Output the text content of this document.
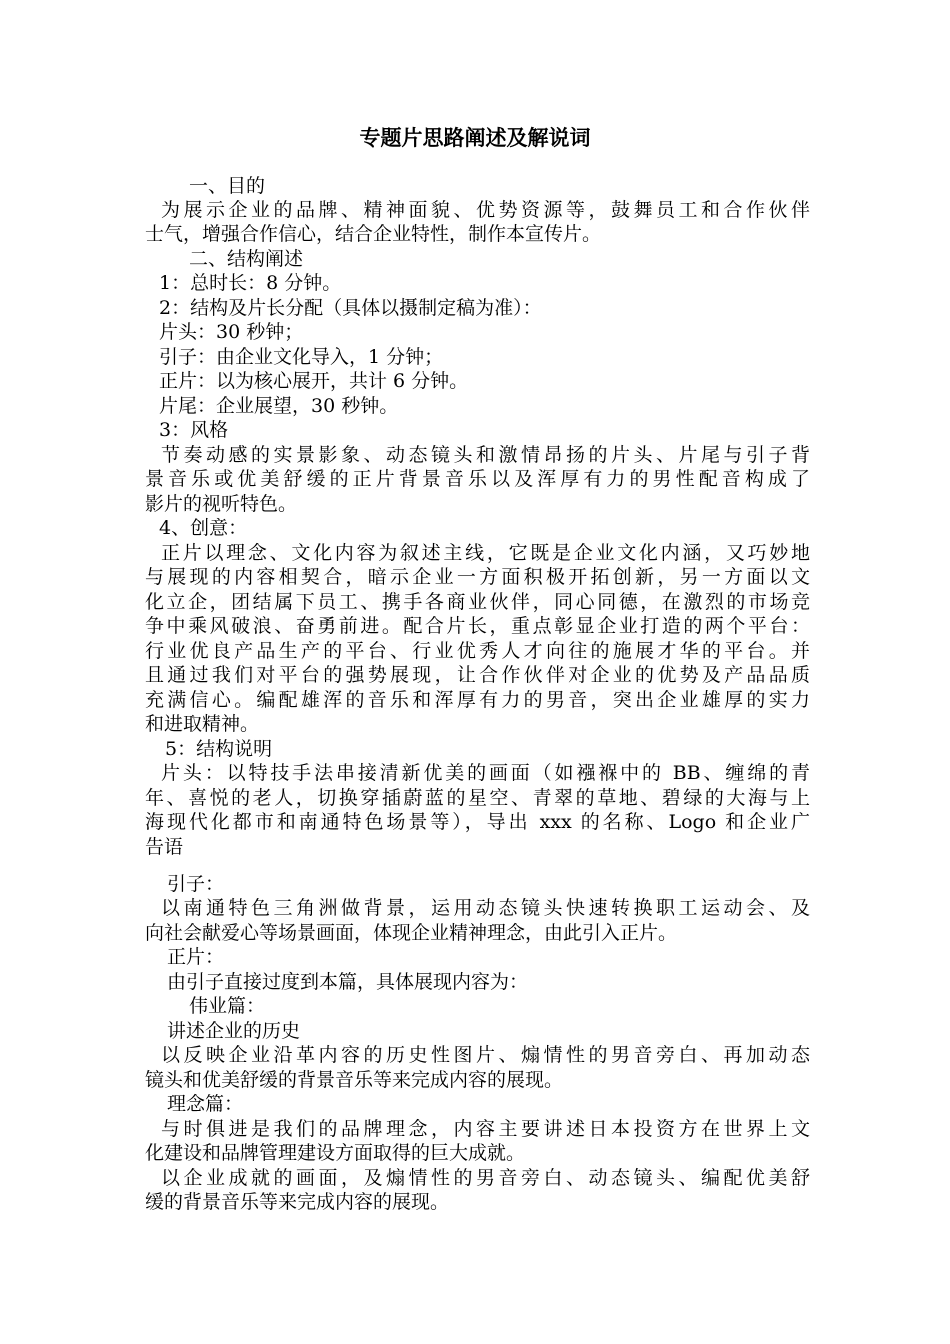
专题片思路阐述及解说词
一、目的
为展示企业的品牌、精神面貌、优势资源等，鼓舞员工和合作伙伴
士气，增强合作信心，结合企业特性，制作本宣传片。
二、结构阐述
1：总时长：8 分钟。
2：结构及片长分配（具体以摄制定稿为准）：
片头：30 秒钟；
引子：由企业文化导入，1 分钟；
正片：以为核心展开，共计 6 分钟。
片尾：企业展望，30 秒钟。
3：风格
节奏动感的实景影象、动态镜头和激情昂扬的片头、片尾与引子背
景音乐或优美舒缓的正片背景音乐以及浑厚有力的男性配音构成了
影片的视听特色。
4、创意：
正片以理念、文化内容为叙述主线，它既是企业文化内涵，又巧妙地
与展现的内容相契合，暗示企业一方面积极开拓创新，另一方面以文
化立企，团结属下员工、携手各商业伙伴，同心同德，在激烈的市场竞
争中乘风破浪、奋勇前进。配合片长，重点彰显企业打造的两个平台：
行业优良产品生产的平台、行业优秀人才向往的施展才华的平台。并
且通过我们对平台的强势展现，让合作伙伴对企业的优势及产品品质
充满信心。编配雄浑的音乐和浑厚有力的男音，突出企业雄厚的实力
和进取精神。
5：结构说明
片头：以特技手法串接清新优美的画面（如襁褓中的 BB、缠绵的青
年、喜悦的老人，切换穿插蔚蓝的星空、青翠的草地、碧绿的大海与上
海现代化都市和南通特色场景等），导出 xxx 的名称、Logo 和企业广
告语
引子：
以南通特色三角洲做背景，运用动态镜头快速转换职工运动会、及
向社会献爱心等场景画面，体现企业精神理念，由此引入正片。
正片：
由引子直接过度到本篇，具体展现内容为：
伟业篇：
讲述企业的历史
以反映企业沿革内容的历史性图片、煽情性的男音旁白、再加动态
镜头和优美舒缓的背景音乐等来完成内容的展现。
理念篇：
与时俱进是我们的品牌理念，内容主要讲述日本投资方在世界上文
化建设和品牌管理建设方面取得的巨大成就。
以企业成就的画面，及煽情性的男音旁白、动态镜头、编配优美舒
缓的背景音乐等来完成内容的展现。
